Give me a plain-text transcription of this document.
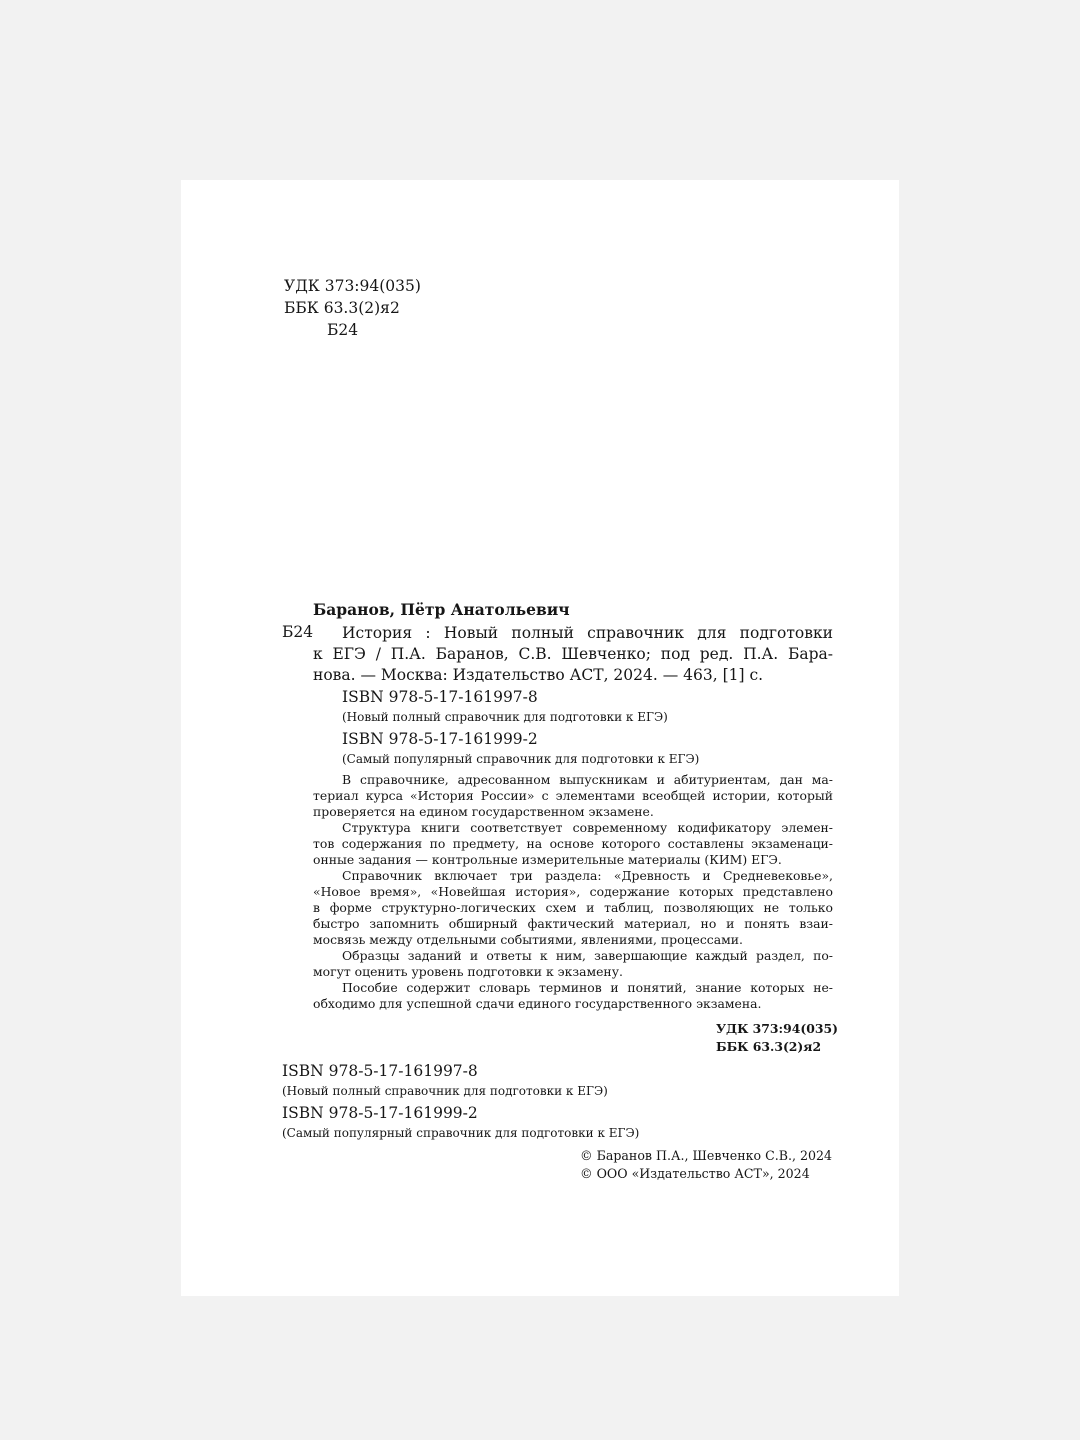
УДК 373:94(035)
ББК 63.3(2)я2
Б24
Баранов, Пётр Анатольевич
Б24 История : Новый полный справочник для подготовки
к ЕГЭ / П.А. Баранов, С.В. Шевченко; под ред. П.А. Бара-
нова. — Москва: Издательство АСТ, 2024. — 463, [1] с.
ISBN 978-5-17-161997-8
(Новый полный справочник для подготовки к ЕГЭ)
ISBN 978-5-17-161999-2
(Самый популярный справочник для подготовки к ЕГЭ)
В справочнике, адресованном выпускникам и абитуриентам, дан ма-
териал курса «История России» с элементами всеобщей истории, который
проверяется на едином государственном экзамене.
Структура книги соответствует современному кодификатору элемен-
тов содержания по предмету, на основе которого составлены экзаменаци-
онные задания — контрольные измерительные материалы (КИМ) ЕГЭ.
Справочник включает три раздела: «Древность и Средневековье»,
«Новое время», «Новейшая история», содержание которых представлено
в форме структурно-логических схем и таблиц, позволяющих не только
быстро запомнить обширный фактический материал, но и понять взаи-
мосвязь между отдельными событиями, явлениями, процессами.
Образцы заданий и ответы к ним, завершающие каждый раздел, по-
могут оценить уровень подготовки к экзамену.
Пособие содержит словарь терминов и понятий, знание которых не-
обходимо для успешной сдачи единого государственного экзамена.
УДК 373:94(035)
ББК 63.3(2)я2
ISBN 978-5-17-161997-8
(Новый полный справочник для подготовки к ЕГЭ)
ISBN 978-5-17-161999-2
(Самый популярный справочник для подготовки к ЕГЭ)
© Баранов П.А., Шевченко С.В., 2024
© ООО «Издательство АСТ», 2024
